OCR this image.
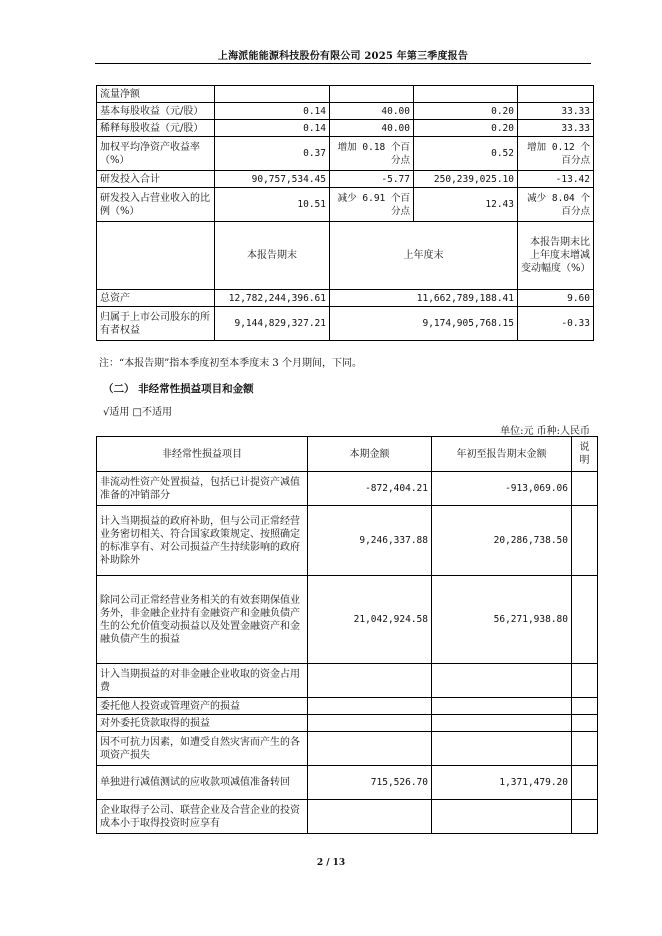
上海派能能源科技股份有限公司 2025 年第三季度报告
流量净额				
基本每股收益（元/股）	0.14	40.00	0.20	33.33
稀释每股收益（元/股）	0.14	40.00	0.20	33.33
加权平均净资产收益率（%）	0.37	增加 0.18 个百分点	0.52	增加 0.12 个百分点
研发投入合计	90,757,534.45	-5.77	250,239,025.10	-13.42
研发投入占营业收入的比例（%）	10.51	减少 6.91 个百分点	12.43	减少 8.04 个百分点
	本报告期末	上年度末		本报告期末比上年度末增减变动幅度（%）
总资产	12,782,244,396.61	11,662,789,188.41		9.60
归属于上市公司股东的所有者权益	9,144,829,327.21	9,174,905,768.15		-0.33
注：“本报告期”指本季度初至本季度末 3 个月期间，下同。
（二） 非经常性损益项目和金额
√适用 □不适用
单位:元 币种:人民币
非经常性损益项目	本期金额	年初至报告期末金额	说明
非流动性资产处置损益，包括已计提资产减值准备的冲销部分	-872,404.21	-913,069.06	
计入当期损益的政府补助，但与公司正常经营业务密切相关、符合国家政策规定、按照确定的标准享有、对公司损益产生持续影响的政府补助除外	9,246,337.88	20,286,738.50	
除同公司正常经营业务相关的有效套期保值业务外，非金融企业持有金融资产和金融负债产生的公允价值变动损益以及处置金融资产和金融负债产生的损益	21,042,924.58	56,271,938.80	
计入当期损益的对非金融企业收取的资金占用费			
委托他人投资或管理资产的损益			
对外委托贷款取得的损益			
因不可抗力因素，如遭受自然灾害而产生的各项资产损失			
单独进行减值测试的应收款项减值准备转回	715,526.70	1,371,479.20	
企业取得子公司、联营企业及合营企业的投资成本小于取得投资时应享有			
2 / 13
